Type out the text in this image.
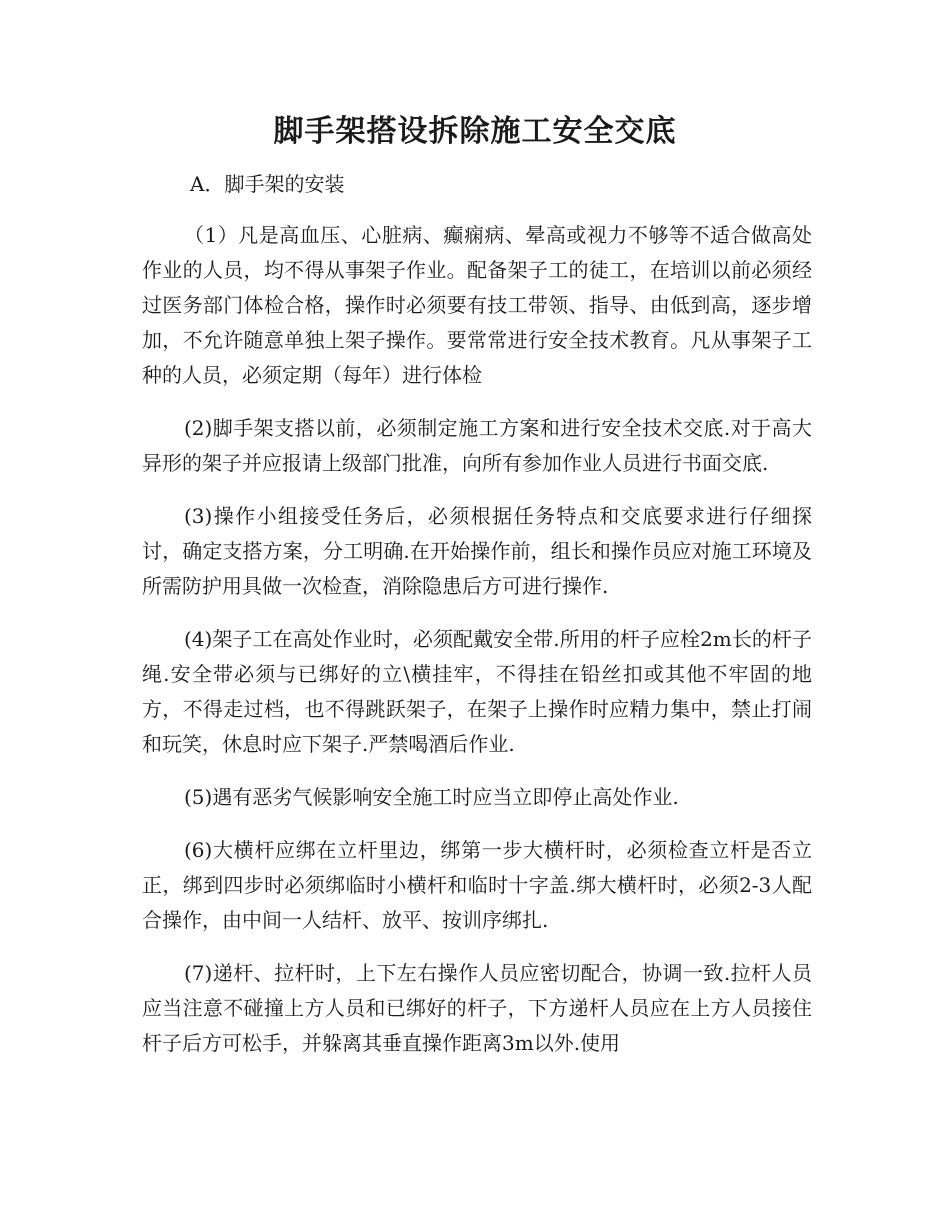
脚手架搭设拆除施工安全交底

A．脚手架的安装

（1）凡是高血压、心脏病、癫痫病、晕高或视力不够等不适合做高处作业的人员，均不得从事架子作业。配备架子工的徒工，在培训以前必须经过医务部门体检合格，操作时必须要有技工带领、指导、由低到高，逐步增加，不允许随意单独上架子操作。要常常进行安全技术教育。凡从事架子工种的人员，必须定期（每年）进行体检

(2)脚手架支搭以前，必须制定施工方案和进行安全技术交底.对于高大异形的架子并应报请上级部门批准，向所有参加作业人员进行书面交底.

(3)操作小组接受任务后，必须根据任务特点和交底要求进行仔细探讨，确定支搭方案，分工明确.在开始操作前，组长和操作员应对施工环境及所需防护用具做一次检查，消除隐患后方可进行操作.

(4)架子工在高处作业时，必须配戴安全带.所用的杆子应栓2m长的杆子绳.安全带必须与已绑好的立\横挂牢，不得挂在铅丝扣或其他不牢固的地方，不得走过档，也不得跳跃架子，在架子上操作时应精力集中，禁止打闹和玩笑，休息时应下架子.严禁喝酒后作业.

(5)遇有恶劣气候影响安全施工时应当立即停止高处作业.

(6)大横杆应绑在立杆里边，绑第一步大横杆时，必须检查立杆是否立正，绑到四步时必须绑临时小横杆和临时十字盖.绑大横杆时，必须2-3人配合操作，由中间一人结杆、放平、按训序绑扎.

(7)递杆、拉杆时，上下左右操作人员应密切配合，协调一致.拉杆人员应当注意不碰撞上方人员和已绑好的杆子，下方递杆人员应在上方人员接住杆子后方可松手，并躲离其垂直操作距离3m以外.使用
